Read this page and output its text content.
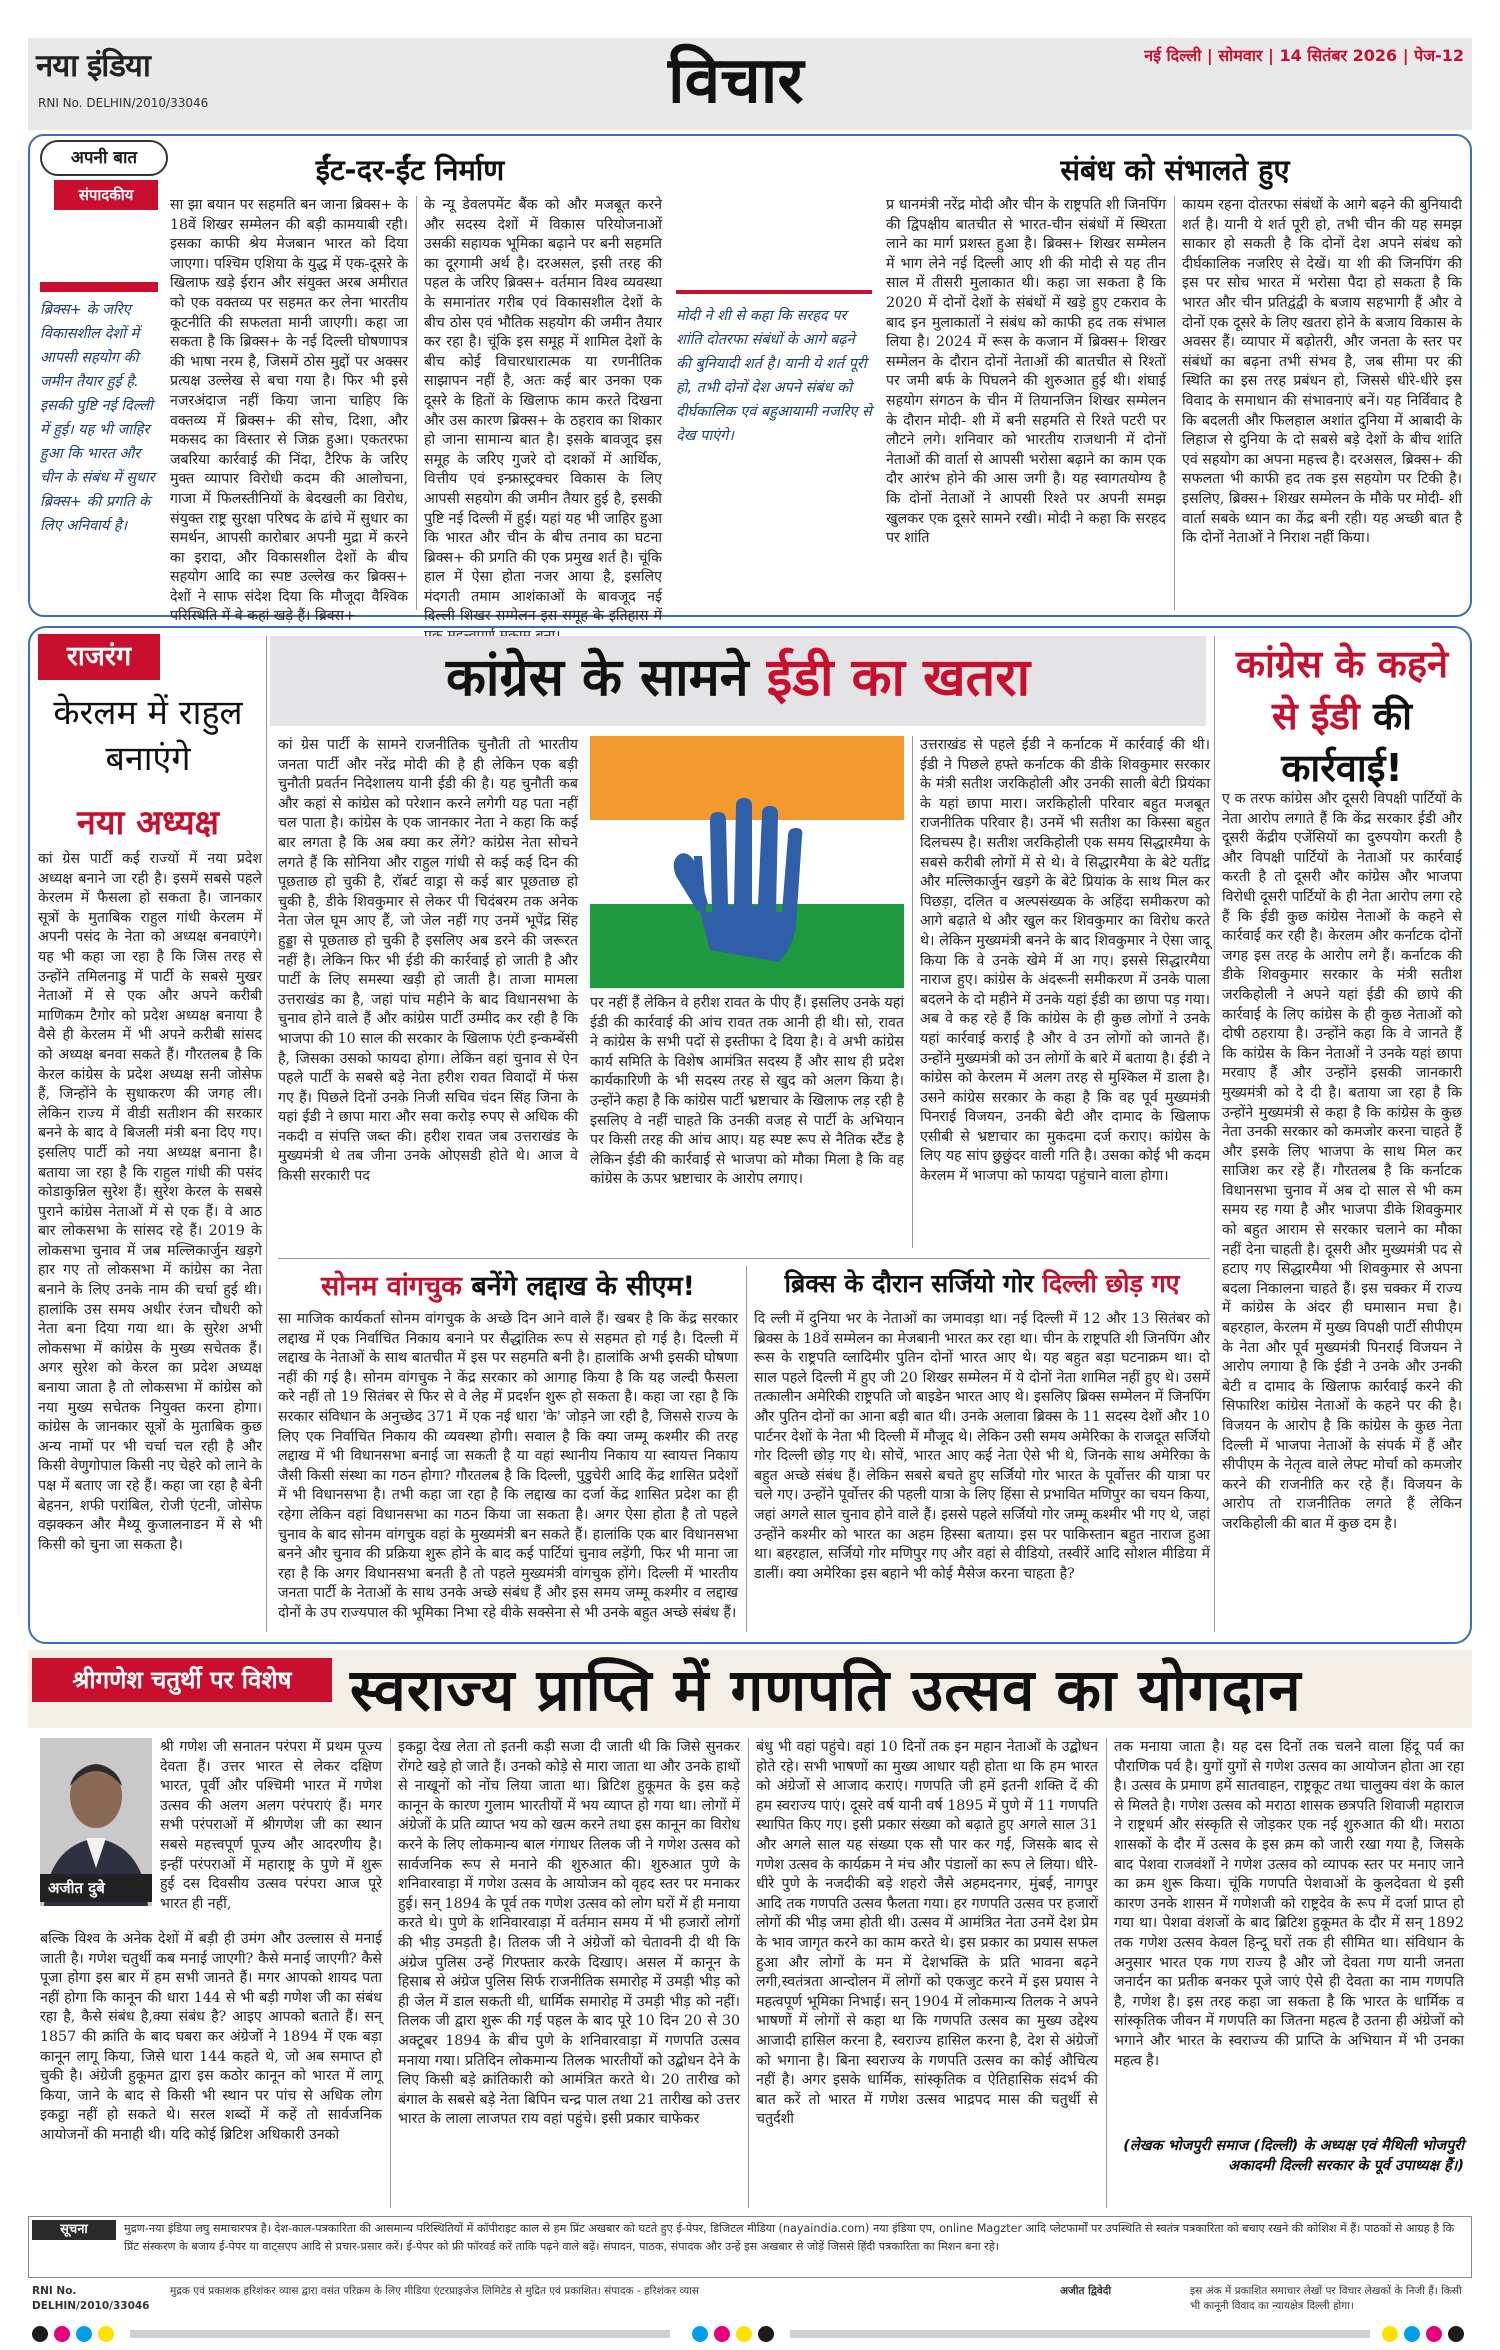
नया इंडिया
RNI No. DELHIN/2010/33046	विचार	नई दिल्ली | सोमवार | 14 सितंबर 2026 | पेज-12
अपनी बात
संपादकीय
ब्रिक्स+ के जरिए विकासशील देशों में आपसी सहयोग की जमीन तैयार हुई है. इसकी पुष्टि नई दिल्ली में हुई। यह भी जाहिर हुआ कि भारत और चीन के संबंध में सुधार ब्रिक्स+ की प्रगति के लिए अनिवार्य है।
ईंट-दर-ईंट निर्माण
सा झा बयान पर सहमति बन जाना ब्रिक्स+ के 18वें शिखर सम्मेलन की बड़ी कामयाबी रही। इसका काफी श्रेय मेजबान भारत को दिया जाएगा। पश्चिम एशिया के युद्ध में एक-दूसरे के खिलाफ खड़े ईरान और संयुक्त अरब अमीरात को एक वक्तव्य पर सहमत कर लेना भारतीय कूटनीति की सफलता मानी जाएगी। कहा जा सकता है कि ब्रिक्स+ के नई दिल्ली घोषणापत्र की भाषा नरम है, जिसमें ठोस मुद्दों पर अक्सर प्रत्यक्ष उल्लेख से बचा गया है। फिर भी इसे नजरअंदाज नहीं किया जाना चाहिए कि वक्तव्य में ब्रिक्स+ की सोच, दिशा, और मकसद का विस्तार से जिक्र हुआ। एकतरफा जबरिया कार्रवाई की निंदा, टैरिफ के जरिए मुक्त व्यापार विरोधी कदम की आलोचना, गाजा में फिलस्तीनियों के बेदखली का विरोध, संयुक्त राष्ट्र सुरक्षा परिषद के ढांचे में सुधार का समर्थन, आपसी कारोबार अपनी मुद्रा में करने का इरादा, और विकासशील देशों के बीच सहयोग आदि का स्पष्ट उल्लेख कर ब्रिक्स+ देशों ने साफ संदेश दिया कि मौजूदा वैश्विक परिस्थिति में वे कहां खड़े हैं। ब्रिक्स+
के न्यू डेवलपमेंट बैंक को और मजबूत करने और सदस्य देशों में विकास परियोजनाओं उसकी सहायक भूमिका बढ़ाने पर बनी सहमति का दूरगामी अर्थ है। दरअसल, इसी तरह की पहल के जरिए ब्रिक्स+ वर्तमान विश्व व्यवस्था के समानांतर गरीब एवं विकासशील देशों के बीच ठोस एवं भौतिक सहयोग की जमीन तैयार कर रहा है। चूंकि इस समूह में शामिल देशों के बीच कोई विचारधारात्मक या रणनीतिक साझापन नहीं है, अतः कई बार उनका एक दूसरे के हितों के खिलाफ काम करते दिखना और उस कारण ब्रिक्स+ के ठहराव का शिकार हो जाना सामान्य बात है। इसके बावजूद इस समूह के जरिए गुजरे दो दशकों में आर्थिक, वित्तीय एवं इन्फ्रास्ट्रक्चर विकास के लिए आपसी सहयोग की जमीन तैयार हुई है, इसकी पुष्टि नई दिल्ली में हुई। यहां यह भी जाहिर हुआ कि भारत और चीन के बीच तनाव का घटना ब्रिक्स+ की प्रगति की एक प्रमुख शर्त है। चूंकि हाल में ऐसा होता नजर आया है, इसलिए मंदगती तमाम आशंकाओं के बावजूद नई दिल्ली शिखर सम्मेलन इस समूह के इतिहास में
मोदी ने शी से कहा कि सरहद पर शांति दोतरफा संबंधों के आगे बढ़ने की बुनियादी शर्त है। यानी ये शर्त पूरी हो, तभी दोनों देश अपने संबंध को दीर्घकालिक एवं बहुआयामी नजरिए से देख पाएंगे।
संबंध को संभालते हुए
प्र धानमंत्री नरेंद्र मोदी और चीन के राष्ट्रपति शी जिनपिंग की द्विपक्षीय बातचीत से भारत-चीन संबंधों में स्थिरता लाने का मार्ग प्रशस्त हुआ है। ब्रिक्स+ शिखर सम्मेलन में भाग लेने नई दिल्ली आए शी की मोदी से यह तीन साल में तीसरी मुलाकात थी। कहा जा सकता है कि 2020 में दोनों देशों के संबंधों में खड़े हुए टकराव के बाद इन मुलाकातों ने संबंध को काफी हद तक संभाल लिया है। 2024 में रूस के कजान में ब्रिक्स+ शिखर सम्मेलन के दौरान दोनों नेताओं की बातचीत से रिश्तों पर जमी बर्फ के पिघलने की शुरुआत हुई थी। शंघाई सहयोग संगठन के चीन में तियानजिन शिखर सम्मेलन के दौरान मोदी- शी में बनी सहमति से रिश्ते पटरी पर लौटने लगे। शनिवार को भारतीय राजधानी में दोनों नेताओं की वार्ता से आपसी भरोसा बढ़ाने का काम एक दौर आरंभ होने की आस जगी है। यह स्वागतयोग्य है कि दोनों नेताओं ने आपसी रिश्ते पर अपनी समझ खुलकर एक दूसरे सामने रखी। मोदी ने कहा कि सरहद पर शांति
कायम रहना दोतरफा संबंधों के आगे बढ़ने की बुनियादी शर्त है। यानी ये शर्त पूरी हो, तभी चीन की यह समझ साकार हो सकती है कि दोनों देश अपने संबंध को दीर्घकालिक नजरिए से देखें। या शी की जिनपिंग की इस पर सोच भारत में भरोसा पैदा हो सकता है कि भारत और चीन प्रतिद्वंद्वी के बजाय सहभागी हैं और वे दोनों एक दूसरे के लिए खतरा होने के बजाय विकास के अवसर हैं। व्यापार में बढ़ोतरी, और जनता के स्तर पर संबंधों का बढ़ना तभी संभव है, जब सीमा पर की स्थिति का इस तरह प्रबंधन हो, जिससे धीरे-धीरे इस विवाद के समाधान की संभावनाएं बनें। यह निर्विवाद है कि बदलती और फिलहाल अशांत दुनिया में आबादी के लिहाज से दुनिया के दो सबसे बड़े देशों के बीच शांति एवं सहयोग का अपना महत्त्व है। दरअसल, ब्रिक्स+ की सफलता भी काफी हद तक इस सहयोग पर टिकी है। इसलिए, ब्रिक्स+ शिखर सम्मेलन के मौके पर मोदी- शी वार्ता सबके ध्यान का केंद्र बनी रही। यह अच्छी बात है कि दोनों नेताओं ने निराश नहीं किया।
राजरंग
केरलम में राहुल बनाएंगे
नया अध्यक्ष
कां ग्रेस पार्टी कई राज्यों में नया प्रदेश अध्यक्ष बनाने जा रही है। इसमें सबसे पहले केरलम में फैसला हो सकता है। जानकार सूत्रों के मुताबिक राहुल गांधी केरलम में अपनी पसंद के नेता को अध्यक्ष बनवाएंगे। यह भी कहा जा रहा है कि जिस तरह से उन्होंने तमिलनाडु में पार्टी के सबसे मुखर नेताओं में से एक और अपने करीबी माणिकम टैगोर को प्रदेश अध्यक्ष बनाया है वैसे ही केरलम में भी अपने करीबी सांसद को अध्यक्ष बनवा सकते हैं। गौरतलब है कि केरल कांग्रेस के प्रदेश अध्यक्ष सनी जोसेफ हैं, जिन्होंने के सुधाकरण की जगह ली। लेकिन राज्य में वीडी सतीशन की सरकार बनने के बाद वे बिजली मंत्री बना दिए गए। इसलिए पार्टी को नया अध्यक्ष बनाना है। बताया जा रहा है कि राहुल गांधी की पसंद कोडाकुन्निल सुरेश हैं। सुरेश केरल के सबसे पुराने कांग्रेस नेताओं में से एक हैं। वे आठ बार लोकसभा के सांसद रहे हैं। 2019 के लोकसभा चुनाव में जब मल्लिकार्जुन खड़गे हार गए तो लोकसभा में कांग्रेस का नेता बनाने के लिए उनके नाम की चर्चा हुई थी। हालांकि उस समय अधीर रंजन चौधरी को नेता बना दिया गया था। के सुरेश अभी लोकसभा में कांग्रेस के मुख्य सचेतक हैं। अगर सुरेश को केरल का प्रदेश अध्यक्ष बनाया जाता है तो लोकसभा में कांग्रेस को नया मुख्य सचेतक नियुक्त करना होगा। कांग्रेस के जानकार सूत्रों के मुताबिक कुछ अन्य नामों पर भी चर्चा चल रही है और किसी वेणुगोपाल किसी नए चेहरे को लाने के पक्ष में बताए जा रहे हैं। कहा जा रहा है बेनी बेहनन, शफी परांबिल, रोजी एंटनी, जोसेफ वझक्कन और मैथ्यू कुजालनाडन में से भी किसी को चुना जा सकता है।
कांग्रेस के सामने ईडी का खतरा
कां ग्रेस पार्टी के सामने राजनीतिक चुनौती तो भारतीय जनता पार्टी और नरेंद्र मोदी की है ही लेकिन एक बड़ी चुनौती प्रवर्तन निदेशालय यानी ईडी की है। यह चुनौती कब और कहां से कांग्रेस को परेशान करने लगेगी यह पता नहीं चल पाता है। कांग्रेस के एक जानकार नेता ने कहा कि कई बार लगता है कि अब क्या कर लेंगे? कांग्रेस नेता सोचने लगते हैं कि सोनिया और राहुल गांधी से कई कई दिन की पूछताछ हो चुकी है, रॉबर्ट वाड्रा से कई बार पूछताछ हो चुकी है, डीके शिवकुमार से लेकर पी चिदंबरम तक अनेक नेता जेल घूम आए हैं, जो जेल नहीं गए उनमें भूपेंद्र सिंह हुड्डा से पूछताछ हो चुकी है इसलिए अब डरने की जरूरत नहीं है। लेकिन फिर भी ईडी की कार्रवाई हो जाती है और पार्टी के लिए समस्या खड़ी हो जाती है। ताजा मामला उत्तराखंड का है, जहां पांच महीने के बाद विधानसभा के चुनाव होने वाले हैं और कांग्रेस पार्टी उम्मीद कर रही है कि भाजपा की 10 साल की सरकार के खिलाफ एंटी इन्कम्बेंसी है, जिसका उसको फायदा होगा। लेकिन वहां चुनाव से ऐन पहले पार्टी के सबसे बड़े नेता हरीश रावत विवादों में फंस गए हैं। पिछले दिनों उनके निजी सचिव चंदन सिंह जिना के यहां ईडी ने छापा मारा और सवा करोड़ रुपए से अधिक की नकदी व संपत्ति जब्त की। हरीश रावत जब उत्तराखंड के मुख्यमंत्री थे तब जीना उनके ओएसडी होते थे। आज वे किसी सरकारी पद
पर नहीं हैं लेकिन वे हरीश रावत के पीए हैं। इसलिए उनके यहां ईडी की कार्रवाई की आंच रावत तक आनी ही थी। सो, रावत ने कांग्रेस के सभी पदों से इस्तीफा दे दिया है। वे अभी कांग्रेस कार्य समिति के विशेष आमंत्रित सदस्य हैं और साथ ही प्रदेश कार्यकारिणी के भी सदस्य तरह से खुद को अलग किया है। उन्होंने कहा है कि कांग्रेस पार्टी भ्रष्टाचार के खिलाफ लड़ रही है इसलिए वे नहीं चाहते कि उनकी वजह से पार्टी के अभियान पर किसी तरह की आंच आए। यह स्पष्ट रूप से नैतिक स्टैंड है लेकिन ईडी की कार्रवाई से भाजपा को मौका मिला है कि वह कांग्रेस के ऊपर भ्रष्टाचार के आरोप लगाए।
उत्तराखंड से पहले ईडी ने कर्नाटक में कार्रवाई की थी। ईडी ने पिछले हफ्ते कर्नाटक की डीके शिवकुमार सरकार के मंत्री सतीश जरकिहोली और उनकी साली बेटी प्रियंका के यहां छापा मारा। जरकिहोली परिवार बहुत मजबूत राजनीतिक परिवार है। उनमें भी सतीश का किस्सा बहुत दिलचस्प है। सतीश जरकिहोली एक समय सिद्धारमैया के सबसे करीबी लोगों में से थे। वे सिद्धारमैया के बेटे यतींद्र और मल्लिकार्जुन खड़गे के बेटे प्रियांक के साथ मिल कर पिछड़ा, दलित व अल्पसंख्यक के अहिंदा समीकरण को आगे बढ़ाते थे और खुल कर शिवकुमार का विरोध करते थे। लेकिन मुख्यमंत्री बनने के बाद शिवकुमार ने ऐसा जादू किया कि वे उनके खेमे में आ गए। इससे सिद्धारमैया नाराज हुए। कांग्रेस के अंदरूनी समीकरण में उनके पाला बदलने के दो महीने में उनके यहां ईडी का छापा पड़ गया। अब वे कह रहे हैं कि कांग्रेस के ही कुछ लोगों ने उनके यहां कार्रवाई कराई है और वे उन लोगों को जानते हैं। उन्होंने मुख्यमंत्री को उन लोगों के बारे में बताया है। ईडी ने कांग्रेस को केरलम में अलग तरह से मुश्किल में डाला है। उसने कांग्रेस सरकार के कहा है कि वह पूर्व मुख्यमंत्री पिनराई विजयन, उनकी बेटी और दामाद के खिलाफ एसीबी से भ्रष्टाचार का मुकदमा दर्ज कराए। कांग्रेस के लिए यह सांप छुछुंदर वाली गति है। उसका कोई भी कदम केरलम में भाजपा को फायदा पहुंचाने वाला होगा।
कांग्रेस के कहने से ईडी की कार्रवाई!
ए क तरफ कांग्रेस और दूसरी विपक्षी पार्टियों के नेता आरोप लगाते हैं कि केंद्र सरकार ईडी और दूसरी केंद्रीय एजेंसियों का दुरुपयोग करती है और विपक्षी पार्टियों के नेताओं पर कार्रवाई करती है तो दूसरी और कांग्रेस और भाजपा विरोधी दूसरी पार्टियों के ही नेता आरोप लगा रहे हैं कि ईडी कुछ कांग्रेस नेताओं के कहने से कार्रवाई कर रही है। केरलम और कर्नाटक दोनों जगह इस तरह के आरोप लगे हैं। कर्नाटक की डीके शिवकुमार सरकार के मंत्री सतीश जरकिहोली ने अपने यहां ईडी की छापे की कार्रवाई के लिए कांग्रेस के ही कुछ नेताओं को दोषी ठहराया है। उन्होंने कहा कि वे जानते हैं कि कांग्रेस के किन नेताओं ने उनके यहां छापा मरवाए हैं और उन्होंने इसकी जानकारी मुख्यमंत्री को दे दी है। बताया जा रहा है कि उन्होंने मुख्यमंत्री से कहा है कि कांग्रेस के कुछ नेता उनकी सरकार को कमजोर करना चाहते हैं और इसके लिए भाजपा के साथ मिल कर साजिश कर रहे हैं। गौरतलब है कि कर्नाटक विधानसभा चुनाव में अब दो साल से भी कम समय रह गया है और भाजपा डीके शिवकुमार को बहुत आराम से सरकार चलाने का मौका नहीं देना चाहती है। दूसरी और मुख्यमंत्री पद से हटाए गए सिद्धारमैया भी शिवकुमार से अपना बदला निकालना चाहते हैं। इस चक्कर में राज्य में कांग्रेस के अंदर ही घमासान मचा है। बहरहाल, केरलम में मुख्य विपक्षी पार्टी सीपीएम के नेता और पूर्व मुख्यमंत्री पिनराई विजयन ने आरोप लगाया है कि ईडी ने उनके और उनकी बेटी व दामाद के खिलाफ कार्रवाई करने की सिफारिश कांग्रेस नेताओं के कहने पर की है। विजयन के आरोप है कि कांग्रेस के कुछ नेता दिल्ली में भाजपा नेताओं के संपर्क में हैं और सीपीएम के नेतृत्व वाले लेफ्ट मोर्चा को कमजोर करने की राजनीति कर रहे हैं। विजयन के आरोप तो राजनीतिक लगते हैं लेकिन जरकिहोली की बात में कुछ दम है।
सोनम वांगचुक बनेंगे लद्दाख के सीएम!
सा माजिक कार्यकर्ता सोनम वांगचुक के अच्छे दिन आने वाले हैं। खबर है कि केंद्र सरकार लद्दाख में एक निर्वाचित निकाय बनाने पर सैद्धांतिक रूप से सहमत हो गई है। दिल्ली में लद्दाख के नेताओं के साथ बातचीत में इस पर सहमति बनी है। हालांकि अभी इसकी घोषणा नहीं की गई है। सोनम वांगचुक ने केंद्र सरकार को आगाह किया है कि यह जल्दी फैसला करे नहीं तो 19 सितंबर से फिर से वे लेह में प्रदर्शन शुरू हो सकता है। कहा जा रहा है कि सरकार संविधान के अनुच्छेद 371 में एक नई धारा 'के' जोड़ने जा रही है, जिससे राज्य के लिए एक निर्वाचित निकाय की व्यवस्था होगी। सवाल है कि क्या जम्मू कश्मीर की तरह लद्दाख में भी विधानसभा बनाई जा सकती है या वहां स्थानीय निकाय या स्वायत्त निकाय जैसी किसी संस्था का गठन होगा? गौरतलब है कि दिल्ली, पुडुचेरी आदि केंद्र शासित प्रदेशों में भी विधानसभा है। तभी कहा जा रहा है कि लद्दाख का दर्जा केंद्र शासित प्रदेश का ही रहेगा लेकिन वहां विधानसभा का गठन किया जा सकता है। अगर ऐसा होता है तो पहले चुनाव के बाद सोनम वांगचुक वहां के मुख्यमंत्री बन सकते हैं। हालांकि एक बार विधानसभा बनने और चुनाव की प्रक्रिया शुरू होने के बाद कई पार्टियां चुनाव लड़ेंगी, फिर भी माना जा रहा है कि अगर विधानसभा बनती है तो पहले मुख्यमंत्री वांगचुक होंगे। दिल्ली में भारतीय जनता पार्टी के नेताओं के साथ उनके अच्छे संबंध हैं और इस समय जम्मू कश्मीर व लद्दाख दोनों के उप राज्यपाल की भूमिका निभा रहे वीके सक्सेना से भी उनके बहुत अच्छे संबंध हैं।
ब्रिक्स के दौरान सर्जियो गोर दिल्ली छोड़ गए
दि ल्ली में दुनिया भर के नेताओं का जमावड़ा था। नई दिल्ली में 12 और 13 सितंबर को ब्रिक्स के 18वें सम्मेलन का मेजबानी भारत कर रहा था। चीन के राष्ट्रपति शी जिनपिंग और रूस के राष्ट्रपति व्लादिमीर पुतिन दोनों भारत आए थे। यह बहुत बड़ा घटनाक्रम था। दो साल पहले दिल्ली में हुए जी 20 शिखर सम्मेलन में ये दोनों नेता शामिल नहीं हुए थे। उसमें तत्कालीन अमेरिकी राष्ट्रपति जो बाइडेन भारत आए थे। इसलिए ब्रिक्स सम्मेलन में जिनपिंग और पुतिन दोनों का आना बड़ी बात थी। उनके अलावा ब्रिक्स के 11 सदस्य देशों और 10 पार्टनर देशों के नेता भी दिल्ली में मौजूद थे। लेकिन उसी समय अमेरिका के राजदूत सर्जियो गोर दिल्ली छोड़ गए थे। सोचें, भारत आए कई नेता ऐसे भी थे, जिनके साथ अमेरिका के बहुत अच्छे संबंध हैं। लेकिन सबसे बचते हुए सर्जियो गोर भारत के पूर्वोत्तर की यात्रा पर चले गए। उन्होंने पूर्वोत्तर की पहली यात्रा के लिए हिंसा से प्रभावित मणिपुर का चयन किया, जहां अगले साल चुनाव होने वाले हैं। इससे पहले सर्जियो गोर जम्मू कश्मीर भी गए थे, जहां उन्होंने कश्मीर को भारत का अहम हिस्सा बताया। इस पर पाकिस्तान बहुत नाराज हुआ था। बहरहाल, सर्जियो गोर मणिपुर गए और वहां से वीडियो, तस्वीरें आदि सोशल मीडिया में डालीं। क्या अमेरिका इस बहाने भी कोई मैसेज करना चाहता है?
श्रीगणेश चतुर्थी पर विशेष	स्वराज्य प्राप्ति में गणपति उत्सव का योगदान
अजीत दुबे
श्री गणेश जी सनातन परंपरा में प्रथम पूज्य देवता हैं। उत्तर भारत से लेकर दक्षिण भारत, पूर्वी और पश्चिमी भारत में गणेश उत्सव की अलग अलग परंपराएं हैं। मगर सभी परंपराओं में श्रीगणेश जी का स्थान सबसे महत्त्वपूर्ण पूज्य और आदरणीय है। इन्हीं परंपराओं में महाराष्ट्र के पुणे में शुरू हुई दस दिवसीय उत्सव परंपरा आज पूरे भारत ही नहीं,
बल्कि विश्व के अनेक देशों में बड़ी ही उमंग और उल्लास से मनाई जाती है। गणेश चतुर्थी कब मनाई जाएगी? कैसे मनाई जाएगी? कैसे पूजा होगा इस बार में हम सभी जानते हैं। मगर आपको शायद पता नहीं होगा कि कानून की धारा 144 से भी बड़ी गणेश जी का संबंध रहा है, कैसे संबंध है,क्या संबंध है? आइए आपको बताते हैं। सन् 1857 की क्रांति के बाद घबरा कर अंग्रेजों ने 1894 में एक बड़ा कानून लागू किया, जिसे धारा 144 कहते थे, जो अब समाप्त हो चुकी है। अंग्रेजी हुकूमत द्वारा इस कठोर कानून को भारत में लागू किया, जाने के बाद से किसी भी स्थान पर पांच से अधिक लोग इकट्ठा नहीं हो सकते थे। सरल शब्दों में कहें तो सार्वजनिक आयोजनों की मनाही थी। यदि कोई ब्रिटिश अधिकारी उनको
इकट्ठा देख लेता तो इतनी कड़ी सजा दी जाती थी कि जिसे सुनकर रोंगटे खड़े हो जाते हैं। उनको कोड़े से मारा जाता था और उनके हाथों से नाखूनों को नोंच लिया जाता था। ब्रिटिश हुकूमत के इस कड़े कानून के कारण गुलाम भारतीयों में भय व्याप्त हो गया था। लोगों में अंग्रेजों के प्रति व्याप्त भय को खत्म करने तथा इस कानून का विरोध करने के लिए लोकमान्य बाल गंगाधर तिलक जी ने गणेश उत्सव को सार्वजनिक रूप से मनाने की शुरुआत की। शुरुआत पुणे के शनिवारवाड़ा में गणेश उत्सव के आयोजन को वृहद स्तर पर मनाकर हुई। सन् 1894 के पूर्व तक गणेश उत्सव को लोग घरों में ही मनाया करते थे। पुणे के शनिवारवाड़ा में वर्तमान समय में भी हजारों लोगों की भीड़ उमड़ती है। तिलक जी ने अंग्रेजों को चेतावनी दी थी कि अंग्रेज पुलिस उन्हें गिरफ्तार करके दिखाए। असल में कानून के हिसाब से अंग्रेज पुलिस सिर्फ राजनीतिक समारोह में उमड़ी भीड़ को ही जेल में डाल सकती थी, धार्मिक समारोह में उमड़ी भीड़ को नहीं। तिलक जी द्वारा शुरू की गई पहल के बाद पूरे 10 दिन 20 से 30 अक्टूबर 1894 के बीच पुणे के शनिवारवाड़ा में गणपति उत्सव मनाया गया। प्रतिदिन लोकमान्य तिलक भारतीयों को उद्बोधन देने के लिए किसी बड़े क्रांतिकारी को आमंत्रित करते थे। 20 तारीख को बंगाल के सबसे बड़े नेता बिपिन चन्द्र पाल तथा 21 तारीख को उत्तर भारत के लाला लाजपत राय वहां पहुंचे। इसी प्रकार चाफेकर
बंधु भी वहां पहुंचे। वहां 10 दिनों तक इन महान नेताओं के उद्बोधन होते रहे। सभी भाषणों का मुख्य आधार यही होता था कि हम भारत को अंग्रेजों से आजाद कराएं। गणपति जी हमें इतनी शक्ति दें की हम स्वराज्य पाएं। दूसरे वर्ष यानी वर्ष 1895 में पुणे में 11 गणपति स्थापित किए गए। इसी प्रकार संख्या को बढ़ाते हुए अगले साल 31 और अगले साल यह संख्या एक सौ पार कर गई, जिसके बाद से गणेश उत्सव के कार्यक्रम ने मंच और पंडालों का रूप ले लिया। धीरे-धीरे पुणे के नजदीकी बड़े शहरो जैसे अहमदनगर, मुंबई, नागपुर आदि तक गणपति उत्सव फैलता गया। हर गणपति उत्सव पर हजारों लोगों की भीड़ जमा होती थी। उत्सव में आमंत्रित नेता उनमें देश प्रेम के भाव जागृत करने का काम करते थे। इस प्रकार का प्रयास सफल हुआ और लोगों के मन में देशभक्ति के प्रति भावना बढ़ने लगी,स्वतंत्रता आन्दोलन में लोगों को एकजुट करने में इस प्रयास ने महत्वपूर्ण भूमिका निभाई। सन् 1904 में लोकमान्य तिलक ने अपने भाषणों में लोगों से कहा था कि गणपति उत्सव का मुख्य उद्देश्य आजादी हासिल करना है, स्वराज्य हासिल करना है, देश से अंग्रेजों को भगाना है। बिना स्वराज्य के गणपति उत्सव का कोई औचित्य नहीं है। अगर इसके धार्मिक, सांस्कृतिक व ऐतिहासिक संदर्भ की बात करें तो भारत में गणेश उत्सव भाद्रपद मास की चतुर्थी से चतुर्दशी
तक मनाया जाता है। यह दस दिनों तक चलने वाला हिंदू पर्व का पौराणिक पर्व है। युगों युगों से गणेश उत्सव का आयोजन होता आ रहा है। उत्सव के प्रमाण हमें सातवाहन, राष्ट्रकूट तथा चालुक्य वंश के काल से मिलते है। गणेश उत्सव को मराठा शासक छत्रपति शिवाजी महाराज ने राष्ट्रधर्म और संस्कृति से जोड़कर एक नई शुरुआत की थी। मराठा शासकों के दौर में उत्सव के इस क्रम को जारी रखा गया है, जिसके बाद पेशवा राजवंशों ने गणेश उत्सव को व्यापक स्तर पर मनाए जाने का क्रम शुरू किया। चूंकि गणपति पेशवाओं के कुलदेवता थे इसी कारण उनके शासन में गणेशजी को राष्ट्रदेव के रूप में दर्जा प्राप्त हो गया था। पेशवा वंशजों के बाद ब्रिटिश हुकूमत के दौर में सन् 1892 तक गणेश उत्सव केवल हिन्दू घरों तक ही सीमित था। संविधान के अनुसार भारत एक गण राज्य है और जो देवता गण यानी जनता जनार्दन का प्रतीक बनकर पूजे जाएं ऐसे ही देवता का नाम गणपति है, गणेश है। इस तरह कहा जा सकता है कि भारत के धार्मिक व सांस्कृतिक जीवन में गणपति का जितना महत्व है उतना ही अंग्रेजों को भगाने और भारत के स्वराज्य की प्राप्ति के अभियान में भी उनका महत्व है।
(लेखक भोजपुरी समाज (दिल्ली) के अध्यक्ष एवं मैथिली भोजपुरी अकादमी दिल्ली सरकार के पूर्व उपाध्यक्ष हैं।)
सूचना	मुद्रण-नया इंडिया लघु समाचारपत्र है। देश-काल-पत्रकारिता की आसमान्य परिस्थितियों में कॉपीराइट काल से हम प्रिंट अखबार को घटते हुए ई-पेपर, डिजिटल मीडिया (nayaindia.com) नया इंडिया एप, online Magzter आदि प्लेटफार्मों पर उपस्थिति से स्वतंत्र पत्रकारिता को बचाए रखने की कोशिश में हैं। पाठकों से आग्रह है कि प्रिंट संस्करण के बजाय ई-पेपर या वाट्सएप आदि से प्रचार-प्रसार करें। ई-पेपर को फ्री फॉरवर्ड करें ताकि पढ़ने वाले बढ़ें। संपादन, पाठक, संपादक और उन्हें इस अखबार से जोड़ें जिससे हिंदी पत्रकारिता का मिशन बना रहे।
RNI No. DELHIN/2010/33046
मुद्रक एवं प्रकाशक हरिशंकर व्यास द्वारा वसंत परिक्रम के लिए मीडिया एंटरप्राइजेज लिमिटेड से मुद्रित एवं प्रकाशित। संपादक - हरिशंकर व्यास	अजीत द्विवेदी	इस अंक में प्रकाशित समाचार लेखों पर विचार लेखकों के निजी हैं। किसी भी कानूनी विवाद का न्यायक्षेत्र दिल्ली होगा।
